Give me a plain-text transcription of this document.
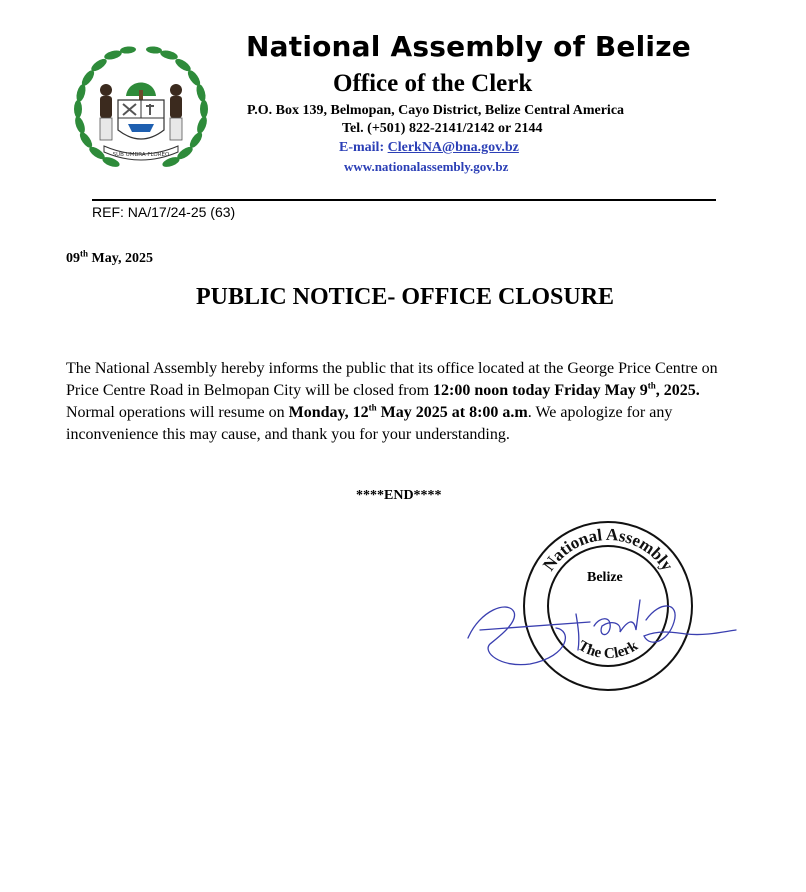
SUB UMBRA FLOREO
National Assembly of Belize
Office of the Clerk
P.O. Box 139, Belmopan, Cayo District, Belize Central America
Tel. (+501) 822-2141/2142 or 2144
E-mail: ClerkNA@bna.gov.bz
www.nationalassembly.gov.bz
REF: NA/17/24-25 (63)
09th May, 2025
PUBLIC NOTICE- OFFICE CLOSURE
The National Assembly hereby informs the public that its office located at the George Price Centre on
Price Centre Road in Belmopan City will be closed from 12:00 noon today Friday May 9th, 2025.
Normal operations will resume on Monday, 12th May 2025 at 8:00 a.m. We apologize for any
inconvenience this may cause, and thank you for your understanding.
****END****
National Assembly
The Clerk
Belize
